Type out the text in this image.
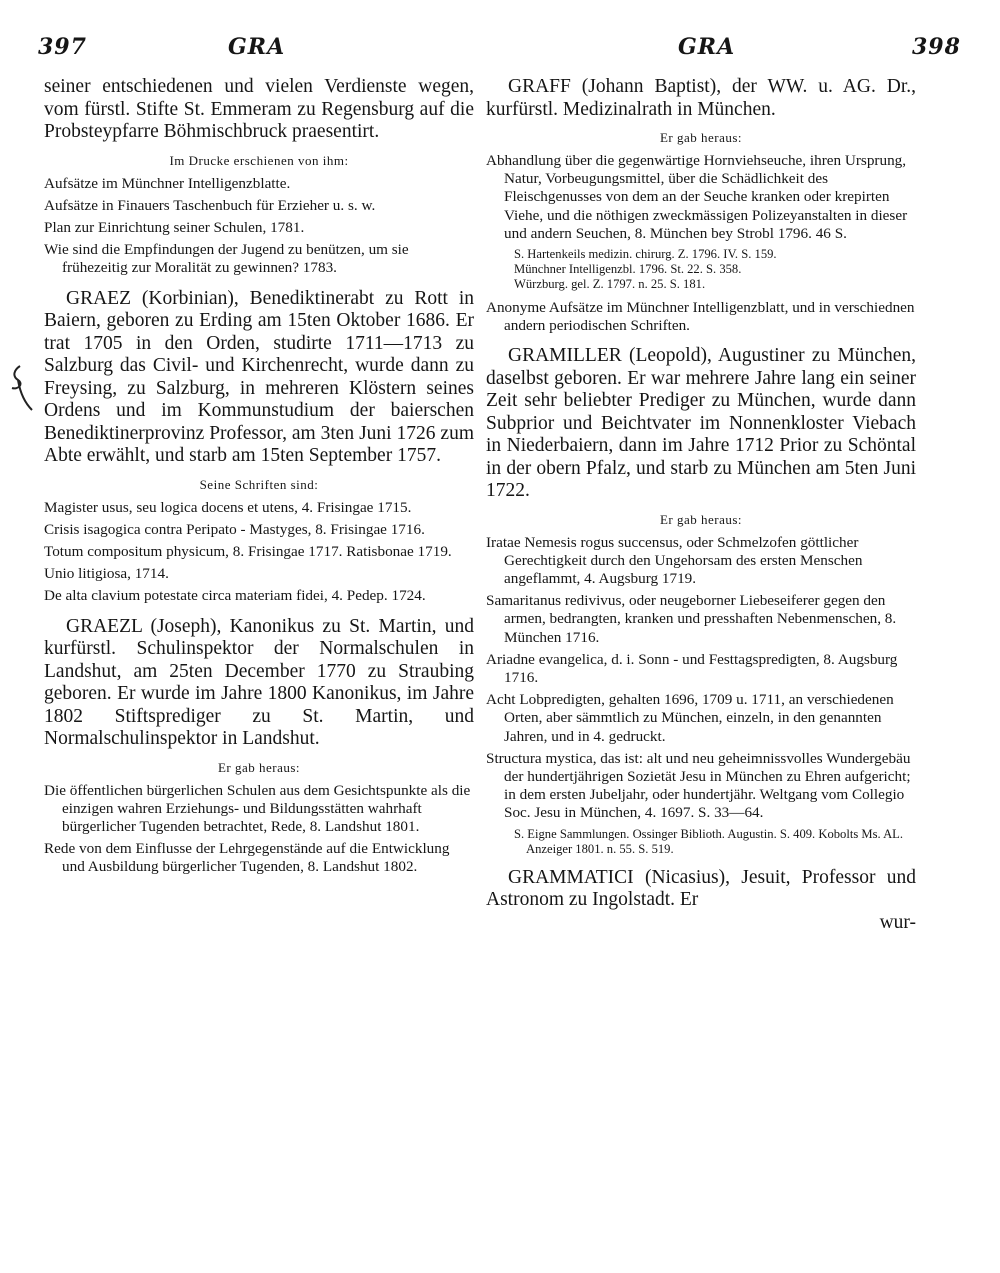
397	GRA	GRA	398

seiner entschiedenen und vielen Verdienste wegen, vom fürstl. Stifte St. Emmeram zu Regensburg auf die Probsteypfarre Böhmischbruck praesentirt.

Im Drucke erschienen von ihm:

Aufsätze im Münchner Intelligenzblatte.

Aufsätze in Finauers Taschenbuch für Erzieher u. s. w.

Plan zur Einrichtung seiner Schulen, 1781.

Wie sind die Empfindungen der Jugend zu benützen, um sie frühezeitig zur Moralität zu gewinnen? 1783.

GRAEZ (Korbinian), Benediktinerabt zu Rott in Baiern, geboren zu Erding am 15ten Oktober 1686. Er trat 1705 in den Orden, studirte 1711—1713 zu Salzburg das Civil- und Kirchenrecht, wurde dann zu Freysing, zu Salzburg, in mehreren Klöstern seines Ordens und im Kommunstudium der baierschen Benediktinerprovinz Professor, am 3ten Juni 1726 zum Abte erwählt, und starb am 15ten September 1757.

Seine Schriften sind:

Magister usus, seu logica docens et utens, 4. Frisingae 1715.

Crisis isagogica contra Peripato - Mastyges, 8. Frisingae 1716.

Totum compositum physicum, 8. Frisingae 1717. Ratisbonae 1719.

Unio litigiosa, 1714.

De alta clavium potestate circa materiam fidei, 4. Pedep. 1724.

GRAEZL (Joseph), Kanonikus zu St. Martin, und kurfürstl. Schulinspektor der Normalschulen in Landshut, am 25ten December 1770 zu Straubing geboren. Er wurde im Jahre 1800 Kanonikus, im Jahre 1802 Stiftsprediger zu St. Martin, und Normalschulinspektor in Landshut.

Er gab heraus:

Die öffentlichen bürgerlichen Schulen aus dem Gesichtspunkte als die einzigen wahren Erziehungs- und Bildungsstätten wahrhaft bürgerlicher Tugenden betrachtet, Rede, 8. Landshut 1801.

Rede von dem Einflusse der Lehrgegenstände auf die Entwicklung und Ausbildung bürgerlicher Tugenden, 8. Landshut 1802.

GRAFF (Johann Baptist), der WW. u. AG. Dr., kurfürstl. Medizinalrath in München.

Er gab heraus:

Abhandlung über die gegenwärtige Hornviehseuche, ihren Ursprung, Natur, Vorbeugungsmittel, über die Schädlichkeit des Fleischgenusses von dem an der Seuche kranken oder krepirten Viehe, und die nöthigen zweckmässigen Polizeyanstalten in dieser und andern Seuchen, 8. München bey Strobl 1796. 46 S.

S. Hartenkeils medizin. chirurg. Z. 1796. IV. S. 159.

Münchner Intelligenzbl. 1796. St. 22. S. 358.

Würzburg. gel. Z. 1797. n. 25. S. 181.

Anonyme Aufsätze im Münchner Intelligenzblatt, und in verschiednen andern periodischen Schriften.

GRAMILLER (Leopold), Augustiner zu München, daselbst geboren. Er war mehrere Jahre lang ein seiner Zeit sehr beliebter Prediger zu München, wurde dann Subprior und Beichtvater im Nonnenkloster Viebach in Niederbaiern, dann im Jahre 1712 Prior zu Schöntal in der obern Pfalz, und starb zu München am 5ten Juni 1722.

Er gab heraus:

Iratae Nemesis rogus succensus, oder Schmelzofen göttlicher Gerechtigkeit durch den Ungehorsam des ersten Menschen angeflammt, 4. Augsburg 1719.

Samaritanus redivivus, oder neugeborner Liebeseiferer gegen den armen, bedrangten, kranken und presshaften Nebenmenschen, 8. München 1716.

Ariadne evangelica, d. i. Sonn - und Festtagspredigten, 8. Augsburg 1716.

Acht Lobpredigten, gehalten 1696, 1709 u. 1711, an verschiedenen Orten, aber sämmtlich zu München, einzeln, in den genannten Jahren, und in 4. gedruckt.

Structura mystica, das ist: alt und neu geheimnissvolles Wundergebäu der hundertjährigen Sozietät Jesu in München zu Ehren aufgericht; in dem ersten Jubeljahr, oder hundertjähr. Weltgang vom Collegio Soc. Jesu in München, 4. 1697. S. 33—64.

S. Eigne Sammlungen. Ossinger Biblioth. Augustin. S. 409. Kobolts Ms. AL. Anzeiger 1801. n. 55. S. 519.

GRAMMATICI (Nicasius), Jesuit, Professor und Astronom zu Ingolstadt. Er

wur-
